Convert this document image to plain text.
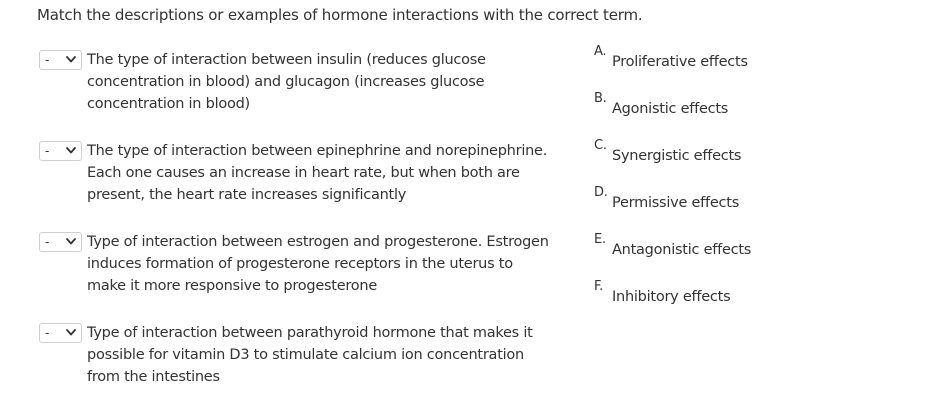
Match the descriptions or examples of hormone interactions with the correct term.
-	The type of interaction between insulin (reduces glucose
concentration in blood) and glucagon (increases glucose
concentration in blood)
-	The type of interaction between epinephrine and norepinephrine.
Each one causes an increase in heart rate, but when both are
present, the heart rate increases significantly
-	Type of interaction between estrogen and progesterone. Estrogen
induces formation of progesterone receptors in the uterus to
make it more responsive to progesterone
-	Type of interaction between parathyroid hormone that makes it
possible for vitamin D3 to stimulate calcium ion concentration
from the intestines
A.
Proliferative effects
B.
Agonistic effects
C.
Synergistic effects
D.
Permissive effects
E.
Antagonistic effects
F.
Inhibitory effects
